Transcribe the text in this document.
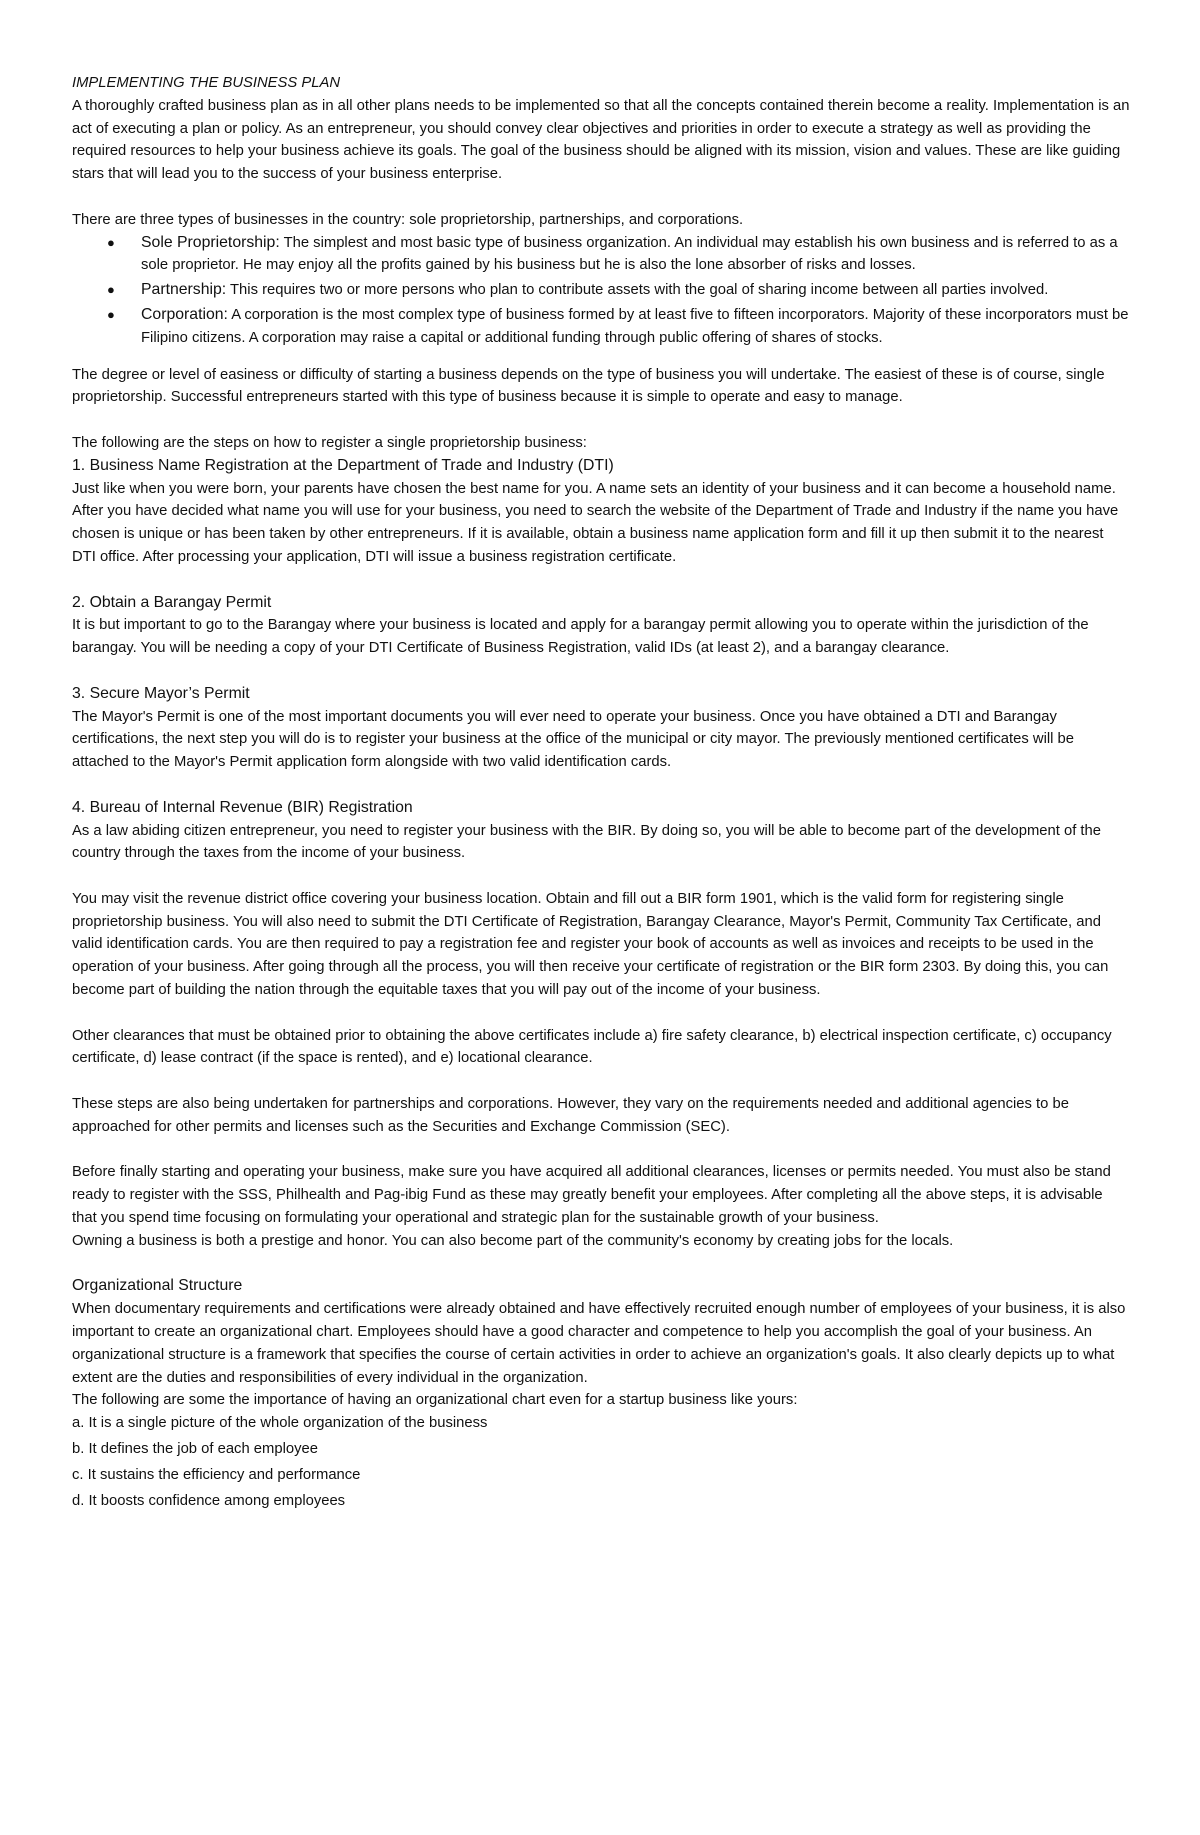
IMPLEMENTING THE BUSINESS PLAN

A thoroughly crafted business plan as in all other plans needs to be implemented so that all the concepts contained therein become a reality. Implementation is an act of executing a plan or policy. As an entrepreneur, you should convey clear objectives and priorities in order to execute a strategy as well as providing the required resources to help your business achieve its goals. The goal of the business should be aligned with its mission, vision and values. These are like guiding stars that will lead you to the success of your business enterprise.

There are three types of businesses in the country: sole proprietorship, partnerships, and corporations.

● Sole Proprietorship: The simplest and most basic type of business organization. An individual may establish his own business and is referred to as a sole proprietor. He may enjoy all the profits gained by his business but he is also the lone absorber of risks and losses.
● Partnership: This requires two or more persons who plan to contribute assets with the goal of sharing income between all parties involved.
● Corporation: A corporation is the most complex type of business formed by at least five to fifteen incorporators. Majority of these incorporators must be Filipino citizens. A corporation may raise a capital or additional funding through public offering of shares of stocks.

The degree or level of easiness or difficulty of starting a business depends on the type of business you will undertake. The easiest of these is of course, single proprietorship. Successful entrepreneurs started with this type of business because it is simple to operate and easy to manage.

The following are the steps on how to register a single proprietorship business:

1. Business Name Registration at the Department of Trade and Industry (DTI)

Just like when you were born, your parents have chosen the best name for you. A name sets an identity of your business and it can become a household name. After you have decided what name you will use for your business, you need to search the website of the Department of Trade and Industry if the name you have chosen is unique or has been taken by other entrepreneurs. If it is available, obtain a business name application form and fill it up then submit it to the nearest DTI office. After processing your application, DTI will issue a business registration certificate.

2. Obtain a Barangay Permit

It is but important to go to the Barangay where your business is located and apply for a barangay permit allowing you to operate within the jurisdiction of the barangay. You will be needing a copy of your DTI Certificate of Business Registration, valid IDs (at least 2), and a barangay clearance.

3. Secure Mayor’s Permit

The Mayor's Permit is one of the most important documents you will ever need to operate your business. Once you have obtained a DTI and Barangay certifications, the next step you will do is to register your business at the office of the municipal or city mayor. The previously mentioned certificates will be attached to the Mayor's Permit application form alongside with two valid identification cards.

4. Bureau of Internal Revenue (BIR) Registration

As a law abiding citizen entrepreneur, you need to register your business with the BIR. By doing so, you will be able to become part of the development of the country through the taxes from the income of your business.

You may visit the revenue district office covering your business location. Obtain and fill out a BIR form 1901, which is the valid form for registering single proprietorship business. You will also need to submit the DTI Certificate of Registration, Barangay Clearance, Mayor's Permit, Community Tax Certificate, and valid identification cards. You are then required to pay a registration fee and register your book of accounts as well as invoices and receipts to be used in the operation of your business. After going through all the process, you will then receive your certificate of registration or the BIR form 2303. By doing this, you can become part of building the nation through the equitable taxes that you will pay out of the income of your business.

Other clearances that must be obtained prior to obtaining the above certificates include a) fire safety clearance, b) electrical inspection certificate, c) occupancy certificate, d) lease contract (if the space is rented), and e) locational clearance.

These steps are also being undertaken for partnerships and corporations. However, they vary on the requirements needed and additional agencies to be approached for other permits and licenses such as the Securities and Exchange Commission (SEC).

Before finally starting and operating your business, make sure you have acquired all additional clearances, licenses or permits needed. You must also be stand ready to register with the SSS, Philhealth and Pag-ibig Fund as these may greatly benefit your employees. After completing all the above steps, it is advisable that you spend time focusing on formulating your operational and strategic plan for the sustainable growth of your business.

Owning a business is both a prestige and honor. You can also become part of the community's economy by creating jobs for the locals.

Organizational Structure

When documentary requirements and certifications were already obtained and have effectively recruited enough number of employees of your business, it is also important to create an organizational chart. Employees should have a good character and competence to help you accomplish the goal of your business. An organizational structure is a framework that specifies the course of certain activities in order to achieve an organization's goals. It also clearly depicts up to what extent are the duties and responsibilities of every individual in the organization.

The following are some the importance of having an organizational chart even for a startup business like yours:

a. It is a single picture of the whole organization of the business

b. It defines the job of each employee

c. It sustains the efficiency and performance

d. It boosts confidence among employees
